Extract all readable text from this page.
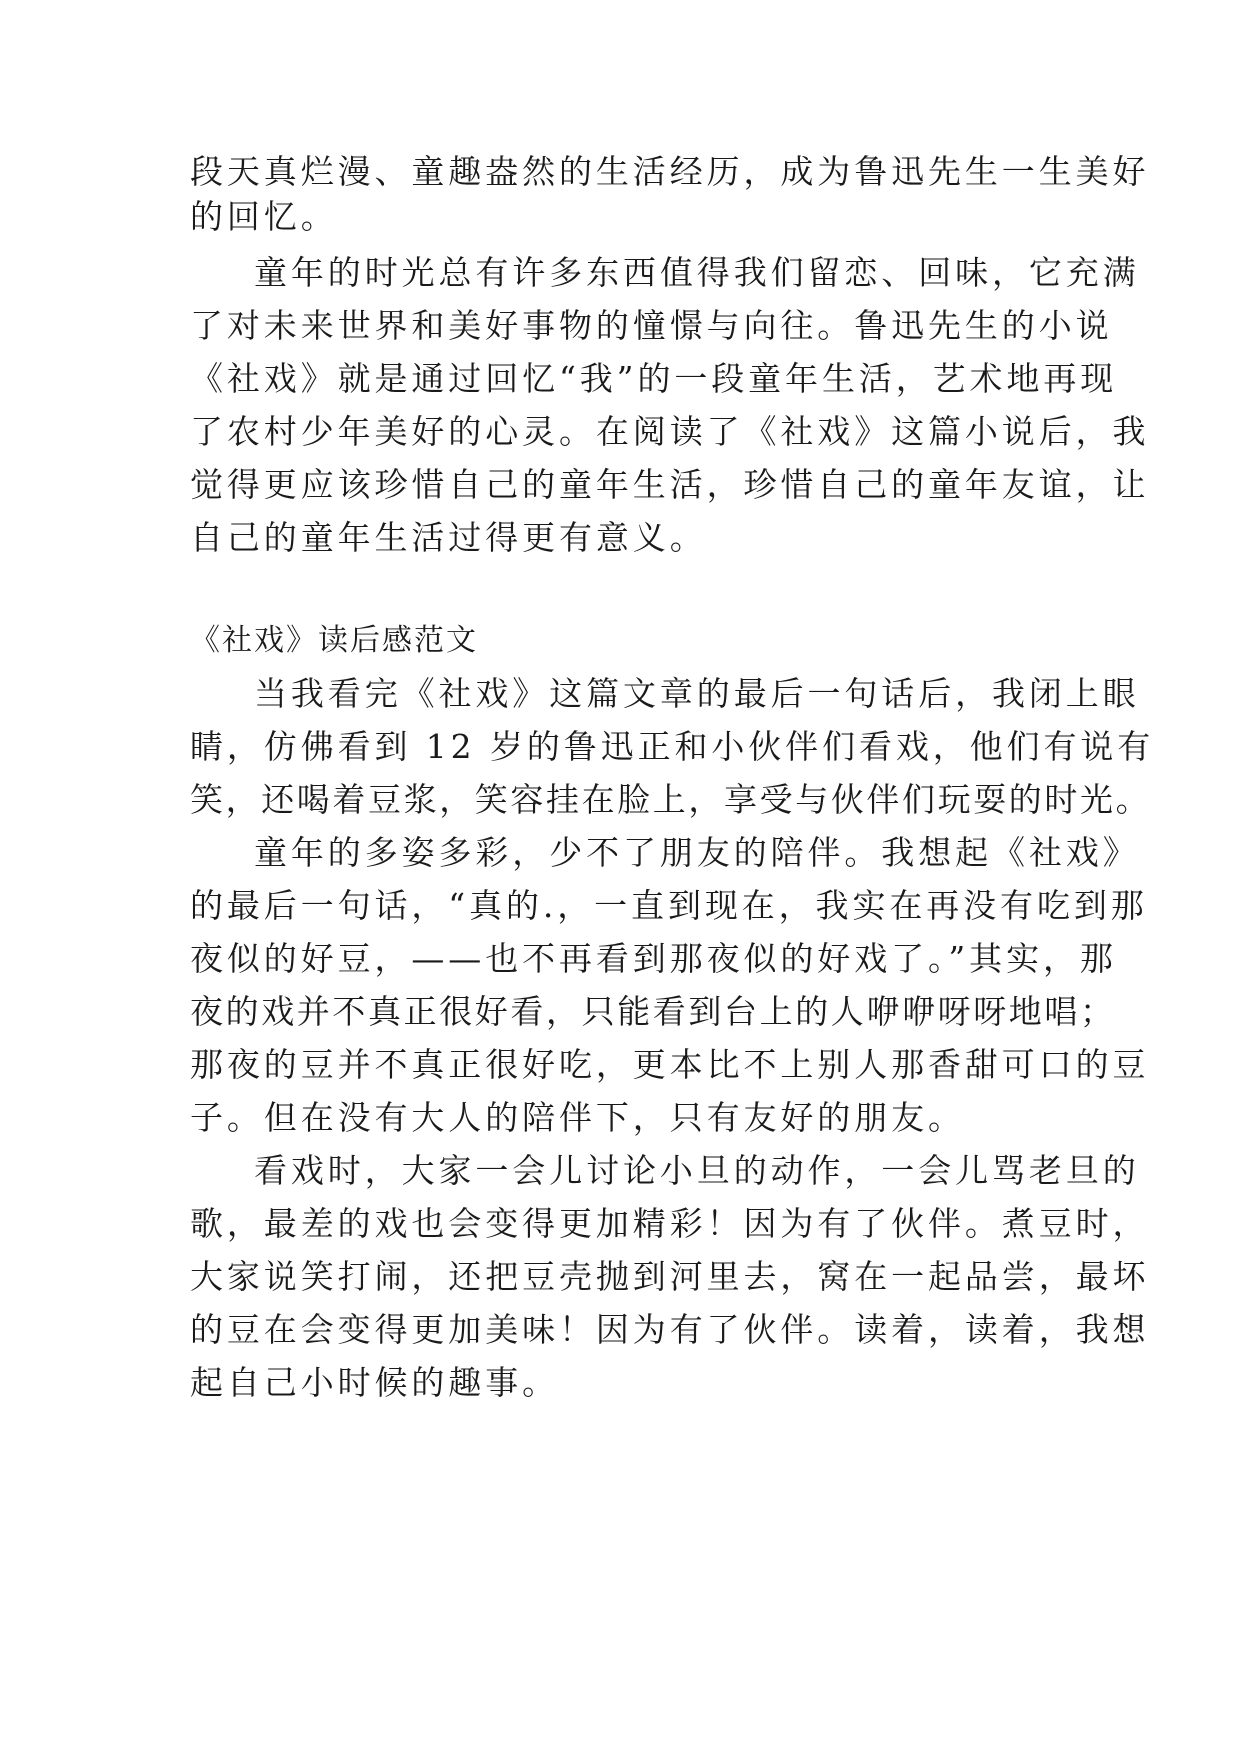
段天真烂漫、童趣盎然的生活经历，成为鲁迅先生一生美好
的回忆。
童年的时光总有许多东西值得我们留恋、回味，它充满
了对未来世界和美好事物的憧憬与向往。鲁迅先生的小说
《社戏》就是通过回忆“我”的一段童年生活，艺术地再现
了农村少年美好的心灵。在阅读了《社戏》这篇小说后，我
觉得更应该珍惜自己的童年生活，珍惜自己的童年友谊，让
自己的童年生活过得更有意义。
《社戏》读后感范文
当我看完《社戏》这篇文章的最后一句话后，我闭上眼
睛，仿佛看到 12 岁的鲁迅正和小伙伴们看戏，他们有说有
笑，还喝着豆浆，笑容挂在脸上，享受与伙伴们玩耍的时光。
童年的多姿多彩，少不了朋友的陪伴。我想起《社戏》
的最后一句话，“真的.，一直到现在，我实在再没有吃到那
夜似的好豆，——也不再看到那夜似的好戏了。”其实，那
夜的戏并不真正很好看，只能看到台上的人咿咿呀呀地唱；
那夜的豆并不真正很好吃，更本比不上别人那香甜可口的豆
子。但在没有大人的陪伴下，只有友好的朋友。
看戏时，大家一会儿讨论小旦的动作，一会儿骂老旦的
歌，最差的戏也会变得更加精彩！因为有了伙伴。煮豆时，
大家说笑打闹，还把豆壳抛到河里去，窝在一起品尝，最坏
的豆在会变得更加美味！因为有了伙伴。读着，读着，我想
起自己小时候的趣事。
